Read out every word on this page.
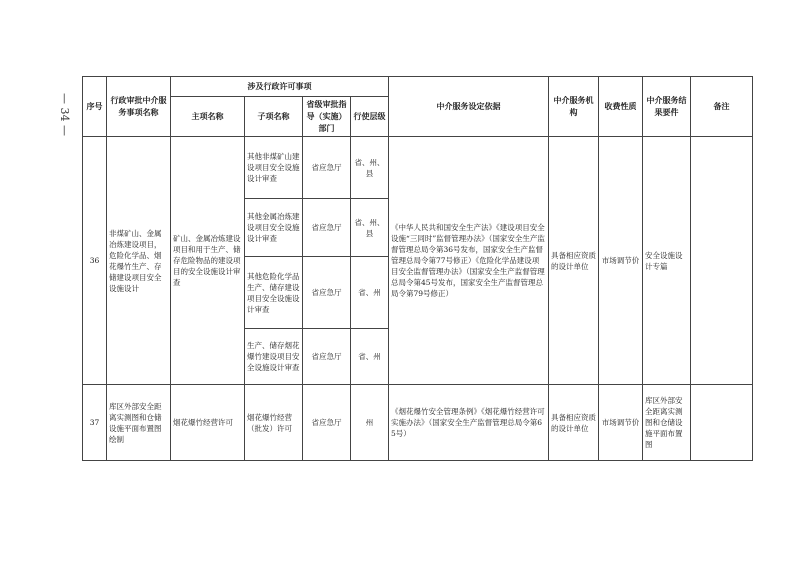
— 34 — 序号	行政审批中介服务事项名称	涉及行政许可事项				中介服务设定依据	中介服务机构	收费性质	中介服务结果要件	备注
		主项名称	子项名称	省级审批指导（实施）部门	行使层级					
36	非煤矿山、金属冶炼建设项目，危险化学品、烟花爆竹生产、存储建设项目安全设施设计	矿山、金属冶炼建设项目和用于生产、储存危险物品的建设项目的安全设施设计审查	其他非煤矿山建设项目安全设施设计审查	省应急厅	省、州、县	《中华人民共和国安全生产法》《建设项目安全设施“三同时”监督管理办法》（国家安全生产监督管理总局令第36号发布，国家安全生产监督管理总局令第77号修正）《危险化学品建设项目安全监督管理办法》（国家安全生产监督管理总局令第45号发布，国家安全生产监督管理总局令第79号修正）	具备相应资质的设计单位	市场调节价	安全设施设计专篇	
			其他金属冶炼建设项目安全设施设计审查	省应急厅	省、州、县					
			其他危险化学品生产、储存建设项目安全设施设计审查	省应急厅	省、州					
			生产、储存烟花爆竹建设项目安全设施设计审查	省应急厅	省、州					
37	库区外部安全距离实测图和仓储设施平面布置图绘制	烟花爆竹经营许可	烟花爆竹经营（批发）许可	省应急厅	州	《烟花爆竹安全管理条例》《烟花爆竹经营许可实施办法》（国家安全生产监督管理总局令第65号）	具备相应资质的设计单位	市场调节价	库区外部安全距离实测图和仓储设施平面布置图	
